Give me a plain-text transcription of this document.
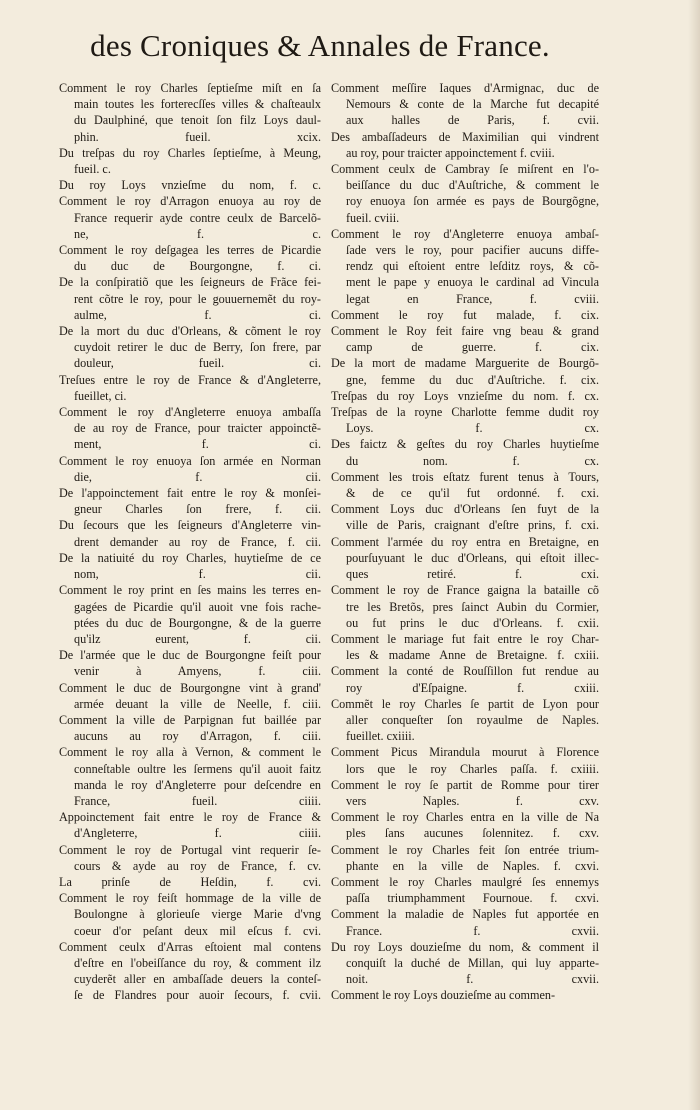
des Croniques & Annales de France.
Comment le roy Charles ſeptieſme miſt en ſa
main toutes les forterecſſes villes & chaſteaulx
du Daulphiné, que tenoit ſon filz Loys daul-
phin. fueil. xcix.
Du treſpas du roy Charles ſeptieſme, à Meung,
fueil. c.
Du roy Loys vnzieſme du nom, f. c.
Comment le roy d'Arragon enuoya au roy de
France requerir ayde contre ceulx de Barcelõ-
ne, f. c.
Comment le roy deſgagea les terres de Picardie
du duc de Bourgongne, f. ci.
De la conſpiratiõ que les ſeigneurs de Frãce fei-
rent cõtre le roy, pour le gouuernemẽt du roy-
aulme, f. ci.
De la mort du duc d'Orleans, & cõment le roy
cuydoit retirer le duc de Berry, ſon frere, par
douleur, fueil. ci.
Treſues entre le roy de France & d'Angleterre,
fueillet, ci.
Comment le roy d'Angleterre enuoya ambaſſa
de au roy de France, pour traicter appoinctẽ-
ment, f. ci.
Comment le roy enuoya ſon armée en Norman
die, f. cii.
De l'appoinctement fait entre le roy & monſei-
gneur Charles ſon frere, f. cii.
Du ſecours que les ſeigneurs d'Angleterre vin-
drent demander au roy de France, f. cii.
De la natiuité du roy Charles, huytieſme de ce
nom, f. cii.
Comment le roy print en ſes mains les terres en-
gagées de Picardie qu'il auoit vne fois rache-
ptées du duc de Bourgongne, & de la guerre
qu'ilz eurent, f. cii.
De l'armée que le duc de Bourgongne feiſt pour
venir à Amyens, f. ciii.
Comment le duc de Bourgongne vint à grand'
armée deuant la ville de Neelle, f. ciii.
Comment la ville de Parpignan fut baillée par
aucuns au roy d'Arragon, f. ciii.
Comment le roy alla à Vernon, & comment le
conneſtable oultre les ſermens qu'il auoit faitz
manda le roy d'Angleterre pour deſcendre en
France, fueil. ciiii.
Appoinctement fait entre le roy de France &
d'Angleterre, f. ciiii.
Comment le roy de Portugal vint requerir ſe-
cours & ayde au roy de France, f. cv.
La prinſe de Heſdin, f. cvi.
Comment le roy feiſt hommage de la ville de
Boulongne à glorieuſe vierge Marie d'vng
coeur d'or peſant deux mil eſcus f. cvi.
Comment ceulx d'Arras eſtoient mal contens
d'eſtre en l'obeiſſance du roy, & comment ilz
cuyderẽt aller en ambaſſade deuers la conteſ-
ſe de Flandres pour auoir ſecours, f. cvii.
Comment meſſire Iaques d'Armignac, duc de
Nemours & conte de la Marche fut decapité
aux halles de Paris, f. cvii.
Des ambaſſadeurs de Maximilian qui vindrent
au roy, pour traicter appoinctement f. cviii.
Comment ceulx de Cambray ſe miſrent en l'o-
beiſſance du duc d'Auſtriche, & comment le
roy enuoya ſon armée es pays de Bourgõgne,
fueil. cviii.
Comment le roy d'Angleterre enuoya ambaſ-
ſade vers le roy, pour pacifier aucuns diffe-
rendz qui eſtoient entre leſditz roys, & cõ-
ment le pape y enuoya le cardinal ad Vincula
legat en France, f. cviii.
Comment le roy fut malade, f. cix.
Comment le Roy feit faire vng beau & grand
camp de guerre. f. cix.
De la mort de madame Marguerite de Bourgõ-
gne, femme du duc d'Auſtriche. f. cix.
Treſpas du roy Loys vnzieſme du nom. f. cx.
Treſpas de la royne Charlotte femme dudit roy
Loys. f. cx.
Des faictz & geſtes du roy Charles huytieſme
du nom. f. cx.
Comment les trois eſtatz furent tenus à Tours,
& de ce qu'il fut ordonné. f. cxi.
Comment Loys duc d'Orleans ſen fuyt de la
ville de Paris, craignant d'eſtre prins, f. cxi.
Comment l'armée du roy entra en Bretaigne, en
pourſuyuant le duc d'Orleans, qui eſtoit illec-
ques retiré. f. cxi.
Comment le roy de France gaigna la bataille cõ
tre les Bretõs, pres ſainct Aubin du Cormier,
ou fut prins le duc d'Orleans. f. cxii.
Comment le mariage fut fait entre le roy Char-
les & madame Anne de Bretaigne. f. cxiii.
Comment la conté de Rouſſillon fut rendue au
roy d'Eſpaigne. f. cxiii.
Commẽt le roy Charles ſe partit de Lyon pour
aller conqueſter ſon royaulme de Naples.
fueillet. cxiiii.
Comment Picus Mirandula mourut à Florence
lors que le roy Charles paſſa. f. cxiiii.
Comment le roy ſe partit de Romme pour tirer
vers Naples. f. cxv.
Comment le roy Charles entra en la ville de Na
ples ſans aucunes ſolennitez. f. cxv.
Comment le roy Charles feit ſon entrée trium-
phante en la ville de Naples. f. cxvi.
Comment le roy Charles maulgré ſes ennemys
paſſa triumphamment Fournoue. f. cxvi.
Comment la maladie de Naples fut apportée en
France. f. cxvii.
Du roy Loys douzieſme du nom, & comment il
conquiſt la duché de Millan, qui luy apparte-
noit. f. cxvii.
Comment le roy Loys douzieſme au commen-
